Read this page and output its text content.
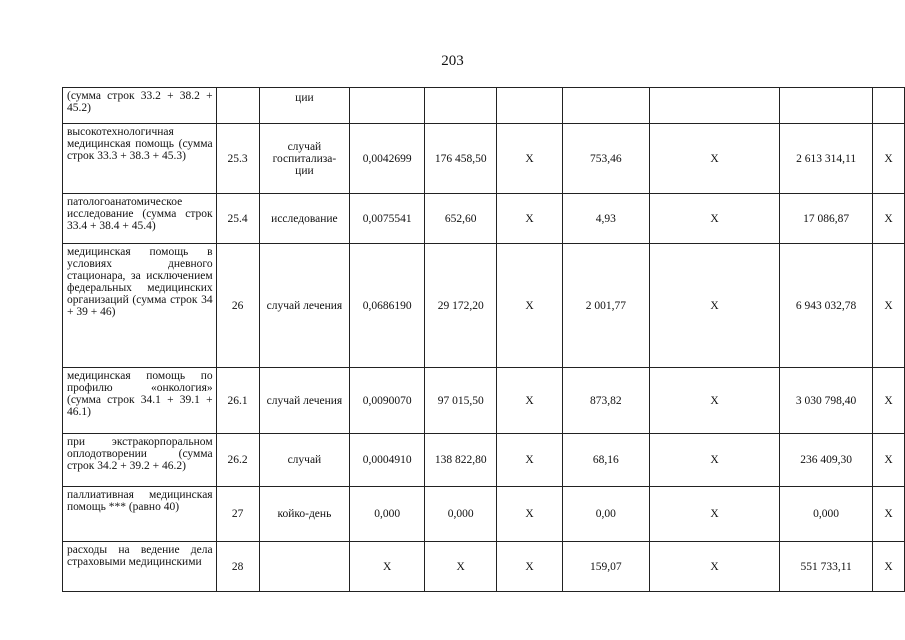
203
(сумма строк 33.2 + 38.2 + 45.2)		ции							
высокотехнологичная медицинская помощь (сумма строк 33.3 + 38.3 + 45.3)	25.3	случай госпитализа-ции	0,0042699	176 458,50	X	753,46	X	2 613 314,11	X
патологоанатомическое исследование (сумма строк 33.4 + 38.4 + 45.4)	25.4	исследование	0,0075541	652,60	X	4,93	X	17 086,87	X
медицинская помощь в условиях дневного стационара, за исключением федеральных медицинских организаций (сумма строк 34 + 39 + 46)	26	случай лечения	0,0686190	29 172,20	X	2 001,77	X	6 943 032,78	X
медицинская помощь по профилю «онкология» (сумма строк 34.1 + 39.1 + 46.1)	26.1	случай лечения	0,0090070	97 015,50	X	873,82	X	3 030 798,40	X
при экстракорпоральном оплодотворении (сумма строк 34.2 + 39.2 + 46.2)	26.2	случай	0,0004910	138 822,80	X	68,16	X	236 409,30	X
паллиативная медицинская помощь *** (равно 40)	27	койко-день	0,000	0,000	X	0,00	X	0,000	X
расходы на ведение дела страховыми медицинскими	28		X	X	X	159,07	X	551 733,11	X
